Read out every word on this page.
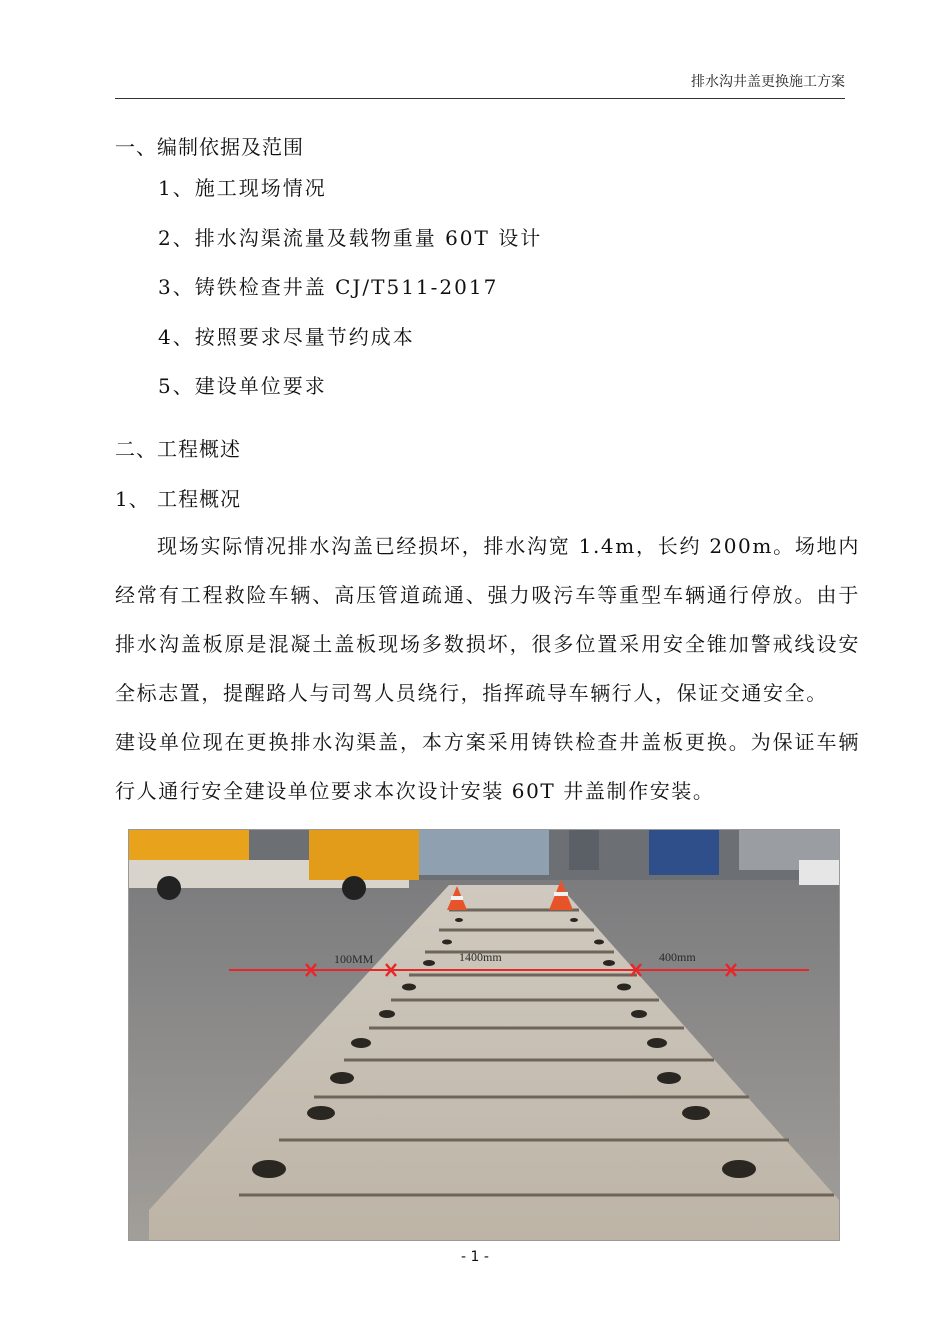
排水沟井盖更换施工方案
一、编制依据及范围
1、施工现场情况
2、排水沟渠流量及载物重量 60T 设计
3、铸铁检查井盖 CJ/T511-2017
4、按照要求尽量节约成本
5、建设单位要求
二、工程概述
1、 工程概况

现场实际情况排水沟盖已经损坏，排水沟宽 1.4m，长约 200m。场地内经常有工程救险车辆、高压管道疏通、强力吸污车等重型车辆通行停放。由于排水沟盖板原是混凝土盖板现场多数损坏，很多位置采用安全锥加警戒线设安全标志置，提醒路人与司驾人员绕行，指挥疏导车辆行人，保证交通安全。

建设单位现在更换排水沟渠盖，本方案采用铸铁检查井盖板更换。为保证车辆行人通行安全建设单位要求本次设计安装 60T 井盖制作安装。

100MM	1400mm	400mm
- 1 -
